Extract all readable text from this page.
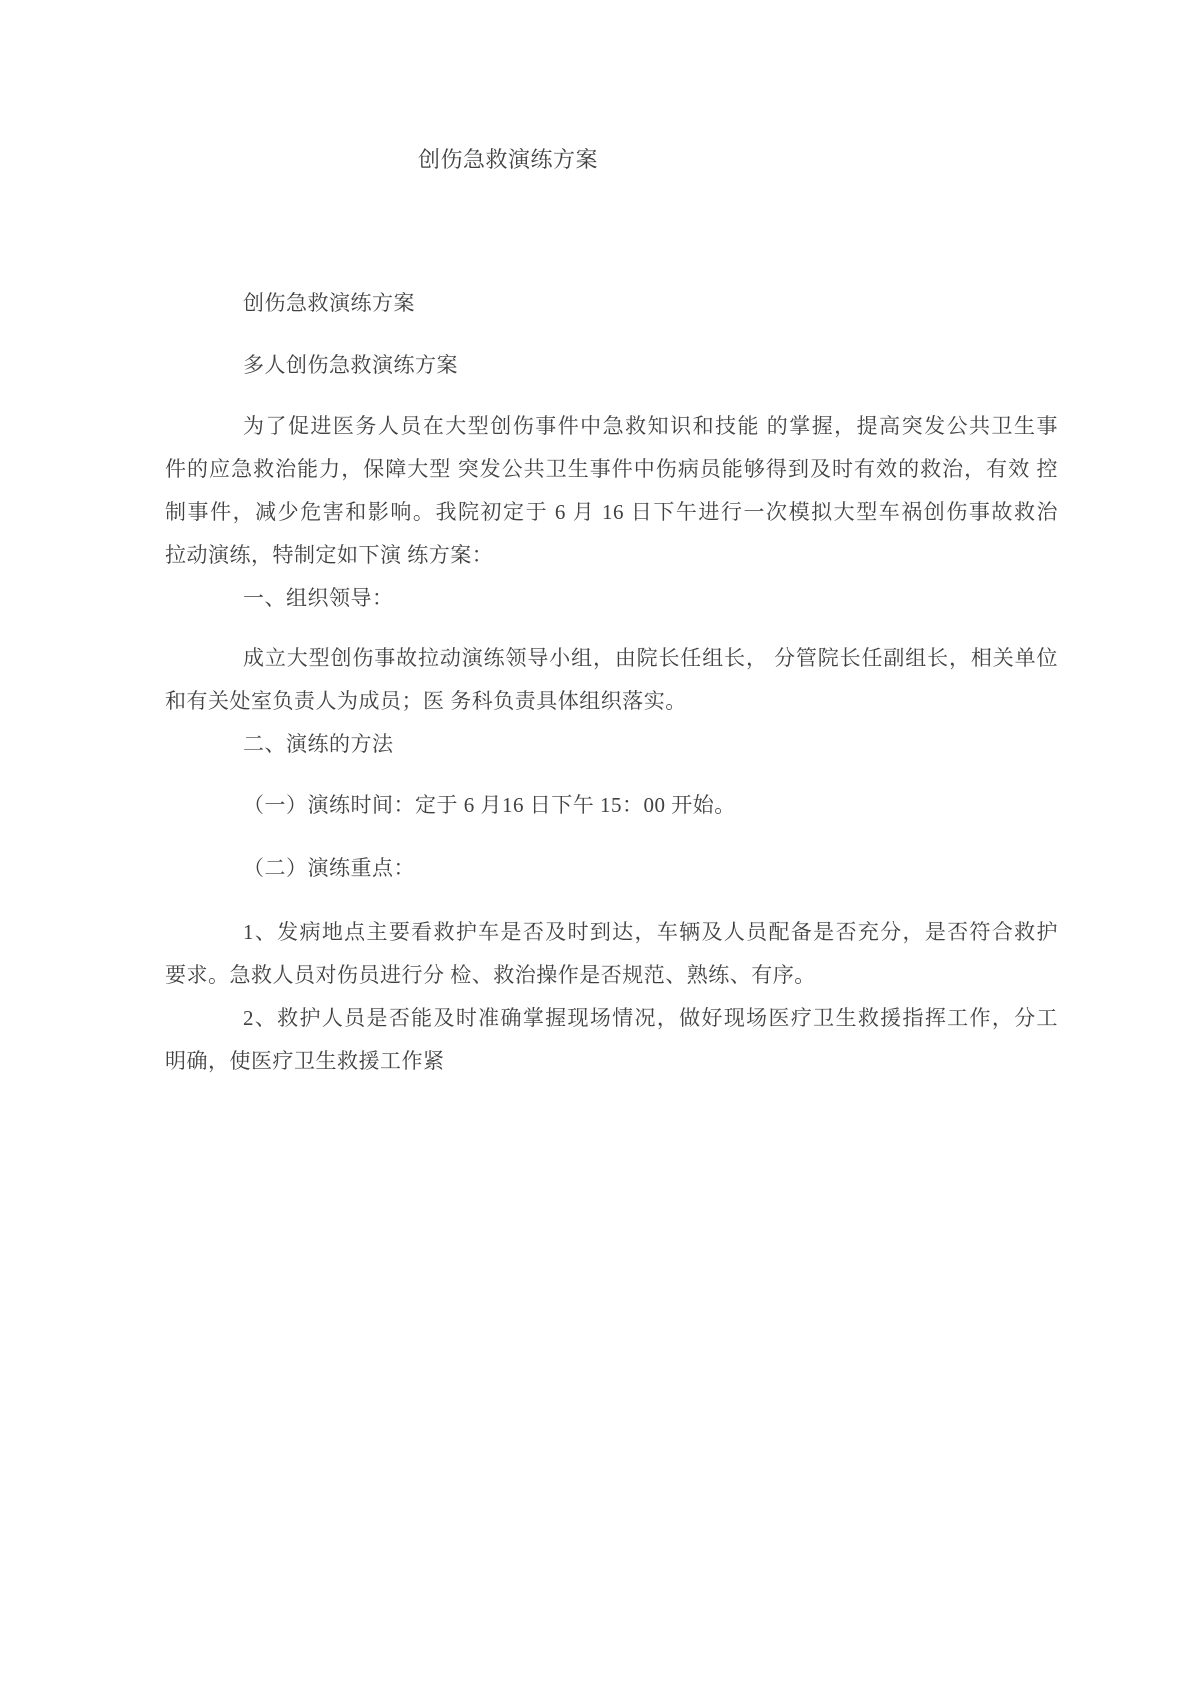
创伤急救演练方案
创伤急救演练方案
多人创伤急救演练方案
为了促进医务人员在大型创伤事件中急救知识和技能 的掌握，提高突发公共卫生事
件的应急救治能力，保障大型 突发公共卫生事件中伤病员能够得到及时有效的救治，有效 控
制事件，减少危害和影响。我院初定于 6 月 16 日下午进行一次模拟大型车祸创伤事故救治
拉动演练，特制定如下演 练方案：
一、组织领导：
成立大型创伤事故拉动演练领导小组，由院长任组长， 分管院长任副组长，相关单位
和有关处室负责人为成员；医 务科负责具体组织落实。
二、演练的方法
（一）演练时间：定于 6 月16 日下午 15：00 开始。
（二）演练重点：
1、发病地点主要看救护车是否及时到达，车辆及人员配备是否充分，是否符合救护
要求。急救人员对伤员进行分 检、救治操作是否规范、熟练、有序。
2、救护人员是否能及时准确掌握现场情况，做好现场医疗卫生救援指挥工作，分工
明确，使医疗卫生救援工作紧
